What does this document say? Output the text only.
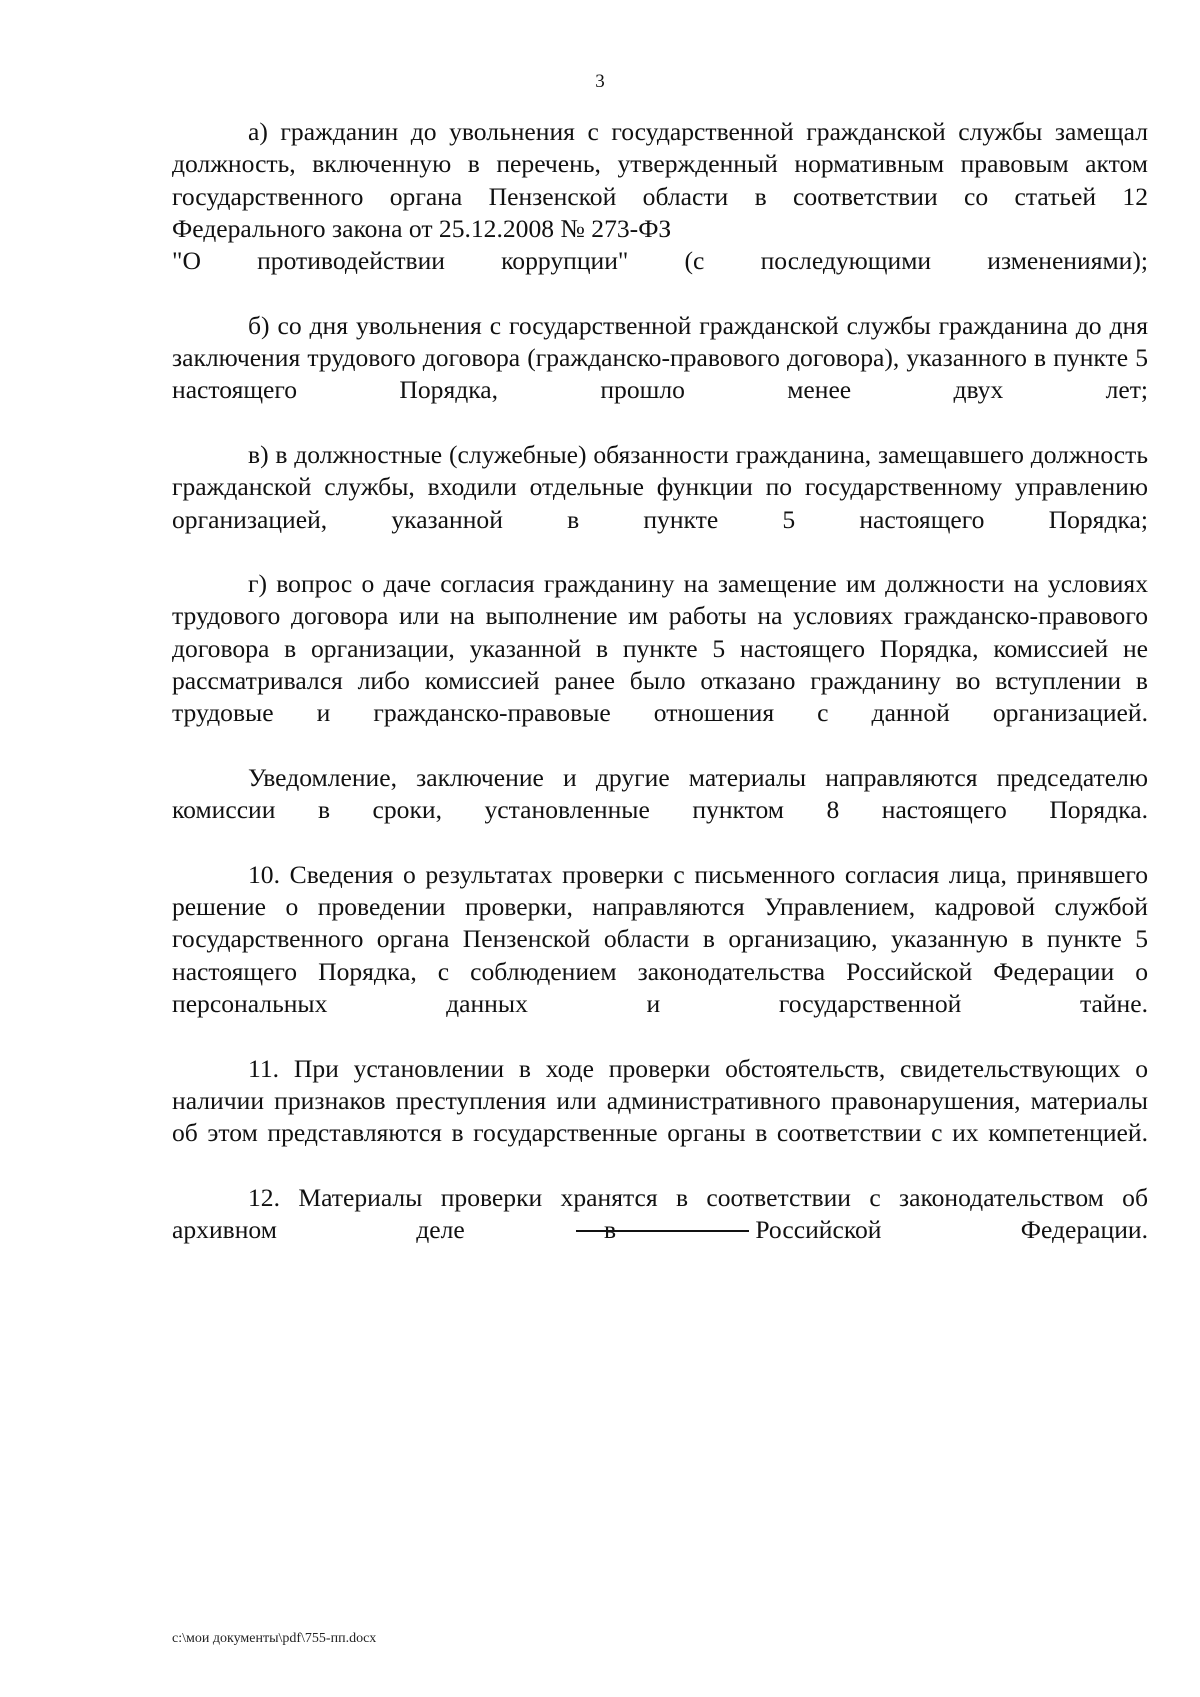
3

а) гражданин до увольнения с государственной гражданской службы замещал должность, включенную в перечень, утвержденный нормативным правовым актом государственного органа Пензенской области в соответствии со статьей 12 Федерального закона от 25.12.2008 № 273-ФЗ
"О противодействии коррупции" (с последующими изменениями);

б) со дня увольнения с государственной гражданской службы гражданина до дня заключения трудового договора (гражданско-правового договора), указанного в пункте 5 настоящего Порядка, прошло менее двух лет;

в) в должностные (служебные) обязанности гражданина, замещавшего должность гражданской службы, входили отдельные функции по государственному управлению организацией, указанной в пункте 5 настоящего Порядка;

г) вопрос о даче согласия гражданину на замещение им должности на условиях трудового договора или на выполнение им работы на условиях гражданско-правового договора в организации, указанной в пункте 5 настоящего Порядка, комиссией не рассматривался либо комиссией ранее было отказано гражданину во вступлении в трудовые и гражданско-правовые отношения с данной организацией.

Уведомление, заключение и другие материалы направляются председателю комиссии в сроки, установленные пунктом 8 настоящего Порядка.

10. Сведения о результатах проверки с письменного согласия лица, принявшего решение о проведении проверки, направляются Управлением, кадровой службой государственного органа Пензенской области в организацию, указанную в пункте 5 настоящего Порядка, с соблюдением законодательства Российской Федерации о персональных данных и государственной тайне.

11. При установлении в ходе проверки обстоятельств, свидетельствующих о наличии признаков преступления или административного правонарушения, материалы об этом представляются в государственные органы в соответствии с их компетенцией.

12. Материалы проверки хранятся в соответствии с законодательством об архивном деле в Российской Федерации.

с:\мои документы\pdf\755-пп.docx
